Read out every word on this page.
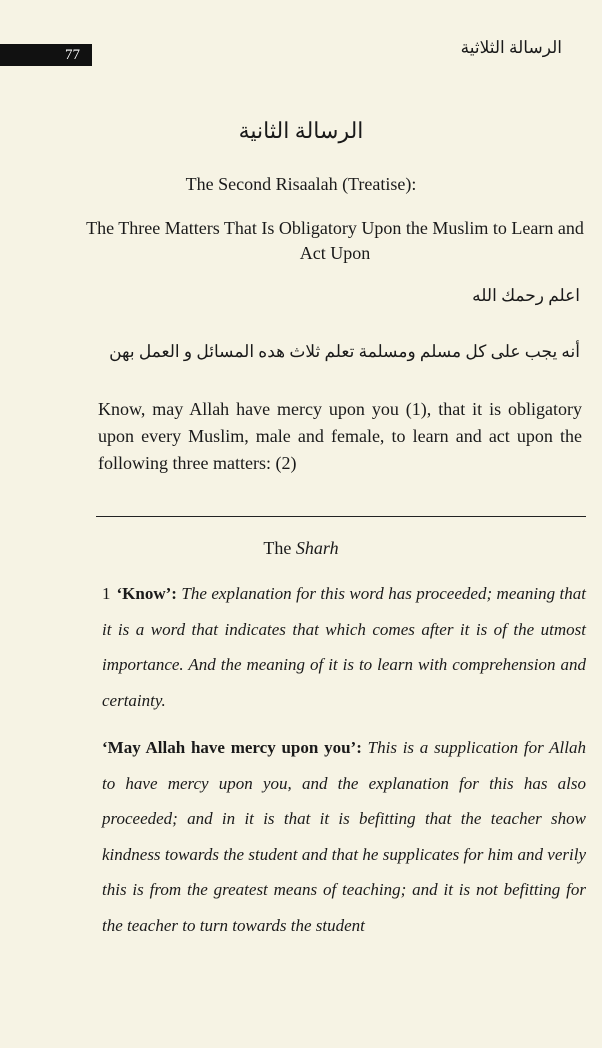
77	الرسالة الثلاثية
الرسالة الثانية
The Second Risaalah (Treatise):
The Three Matters That Is Obligatory Upon the Muslim to Learn and Act Upon
اعلم رحمك الله
أنه يجب على كل مسلم ومسلمة تعلم ثلاث هده المسائل و العمل بهن
Know, may Allah have mercy upon you (1), that it is obligatory upon every Muslim, male and female, to learn and act upon the following three matters: (2)
The Sharh
1 ‘Know’: The explanation for this word has proceeded; meaning that it is a word that indicates that which comes after it is of the utmost importance. And the meaning of it is to learn with comprehension and certainty.
‘May Allah have mercy upon you’: This is a supplication for Allah to have mercy upon you, and the explanation for this has also proceeded; and in it is that it is befitting that the teacher show kindness towards the student and that he supplicates for him and verily this is from the greatest means of teaching; and it is not befitting for the teacher to turn towards the student
